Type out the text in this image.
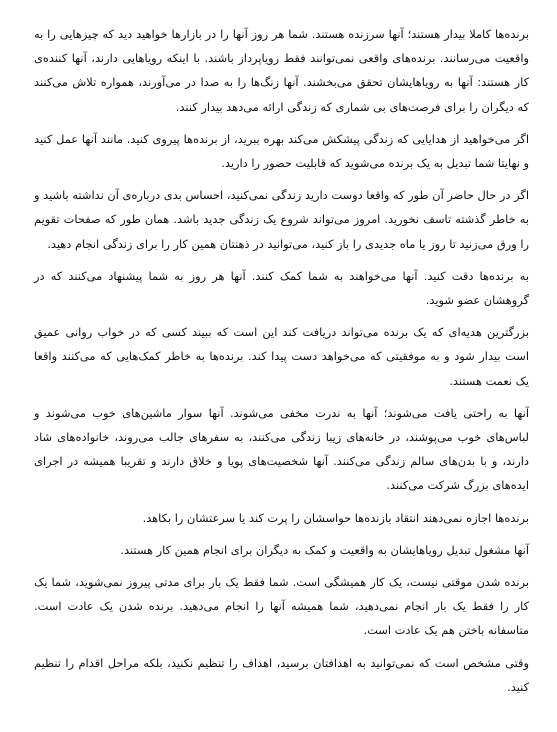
برنده‌ها کاملا بیدار هستند؛ آنها سرزنده هستند. شما هر روز آنها را در بازارها خواهید دید که چیزهایی را به واقعیت می‌رسانند. برنده‌های واقعی نمی‌توانند فقط رویاپرداز باشند. با اینکه رویاهایی دارند، آنها کننده‌ی کار هستند: آنها به رویاهایشان تحقق می‌بخشند. آنها زنگ‌ها را به صدا در می‌آورند، همواره تلاش می‌کنند که دیگران را برای فرصت‌های بی شماری که زندگی ارائه می‌دهد بیدار کنند.

اگر می‌خواهید از هدایایی که زندگی پیشکش می‌کند بهره ببرید، از برنده‌ها پیروی کنید. مانند آنها عمل کنید و نهایتا شما تبدیل به یک برنده می‌شوید که قابلیت حضور را دارید.

اگر در حال حاضر آن طور که واقعا دوست دارید زندگی نمی‌کنید، احساس بدی درباره‌ی آن نداشته باشید و به خاطر گذشته تاسف نخورید. امروز می‌تواند شروع یک زندگی جدید باشد. همان طور که صفحات تقویم را ورق می‌زنید تا روز یا ماه جدیدی را باز کنید، می‌توانید در ذهنتان همین کار را برای زندگی انجام دهید.

به برنده‌ها دقت کنید. آنها می‌خواهند به شما کمک کنند. آنها هر روز به شما پیشنهاد می‌کنند که در گروهشان عضو شوید.

بزرگترین هدیه‌ای که یک برنده می‌تواند دریافت کند این است که ببیند کسی که در خواب روانی عمیق است بیدار شود و به موفقیتی که می‌خواهد دست پیدا کند. برنده‌ها به خاطر کمک‌هایی که می‌کنند واقعا یک نعمت هستند.

آنها به راحتی یافت می‌شوند؛ آنها به ندرت مخفی می‌شوند. آنها سوار ماشین‌های خوب می‌شوند و لباس‌های خوب می‌پوشند، در خانه‌های زیبا زندگی می‌کنند، به سفرهای جالب می‌روند، خانواده‌های شاد دارند، و با بدن‌های سالم زندگی می‌کنند. آنها شخصیت‌های پویا و خلاق دارند و تقریبا همیشه در اجرای ایده‌های بزرگ شرکت می‌کنند.

برنده‌ها اجازه نمی‌دهند انتقاد بازنده‌ها حواسشان را پرت کند یا سرعتشان را بکاهد.

آنها مشغول تبدیل رویاهایشان به واقعیت و کمک به دیگران برای انجام همین کار هستند.

برنده شدن موقتی نیست، یک کار همیشگی است. شما فقط یک بار برای مدتی پیروز نمی‌شوید، شما یک کار را فقط یک بار انجام نمی‌دهید، شما همیشه آنها را انجام می‌دهید. برنده شدن یک عادت است. متاسفانه باختن هم یک عادت است.

وقتی مشخص است که نمی‌توانید به اهدافتان برسید، اهداف را تنظیم نکنید، بلکه مراحل اقدام را تنظیم کنید.
